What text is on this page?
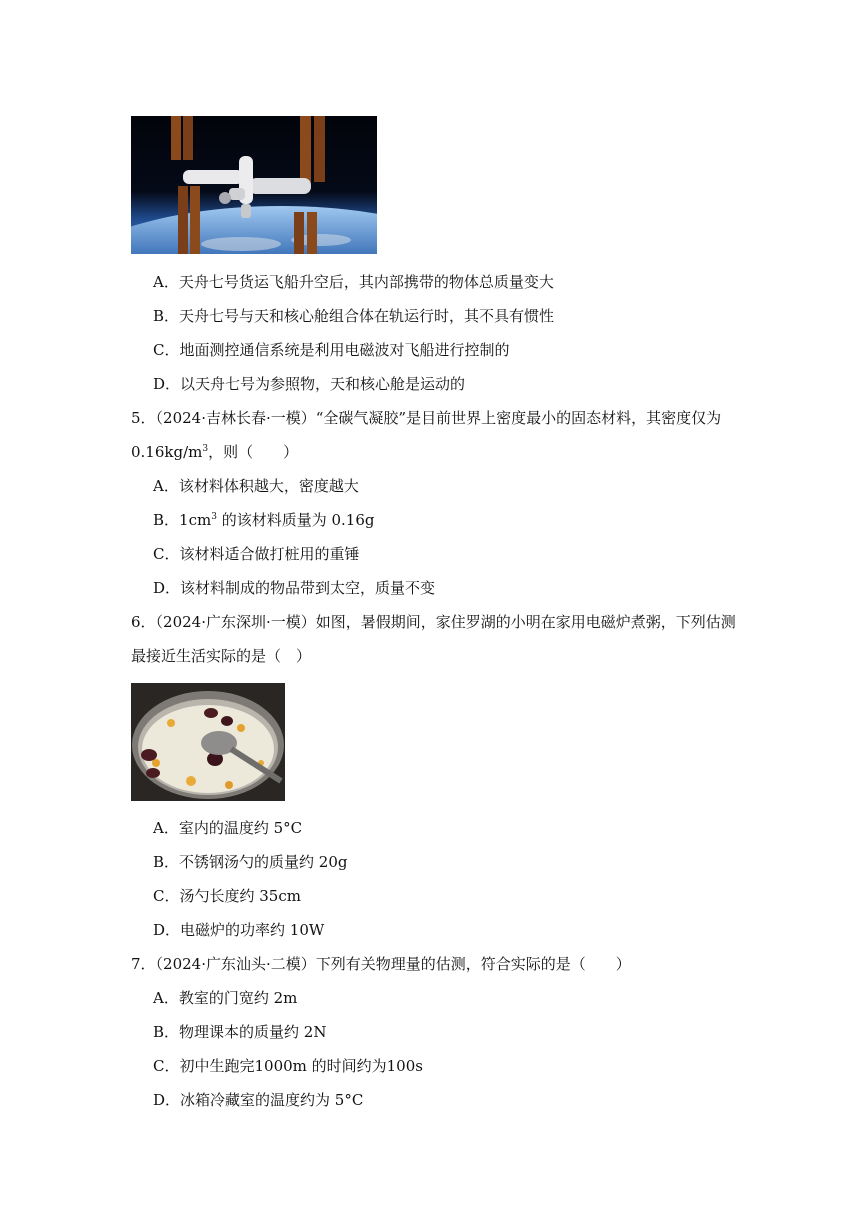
A．天舟七号货运飞船升空后，其内部携带的物体总质量变大
B．天舟七号与天和核心舱组合体在轨运行时，其不具有惯性
C．地面测控通信系统是利用电磁波对飞船进行控制的
D．以天舟七号为参照物，天和核心舱是运动的
5．（2024·吉林长春·一模）“全碳气凝胶”是目前世界上密度最小的固态材料，其密度仅为
$0.16kg/m^3$，则（　　）
A．该材料体积越大，密度越大
B．$1cm^3$ 的该材料质量为 0.16g
C．该材料适合做打桩用的重锤
D．该材料制成的物品带到太空，质量不变
6．（2024·广东深圳·一模）如图，暑假期间，家住罗湖的小明在家用电磁炉煮粥，下列估测
最接近生活实际的是（　）
A．室内的温度约 5°C
B．不锈钢汤勺的质量约 20g
C．汤勺长度约 35cm
D．电磁炉的功率约 10W
7．（2024·广东汕头·二模）下列有关物理量的估测，符合实际的是（　　）
A．教室的门宽约 2m
B．物理课本的质量约 2N
C．初中生跑完1000m 的时间约为100s
D．冰箱冷藏室的温度约为 5°C
